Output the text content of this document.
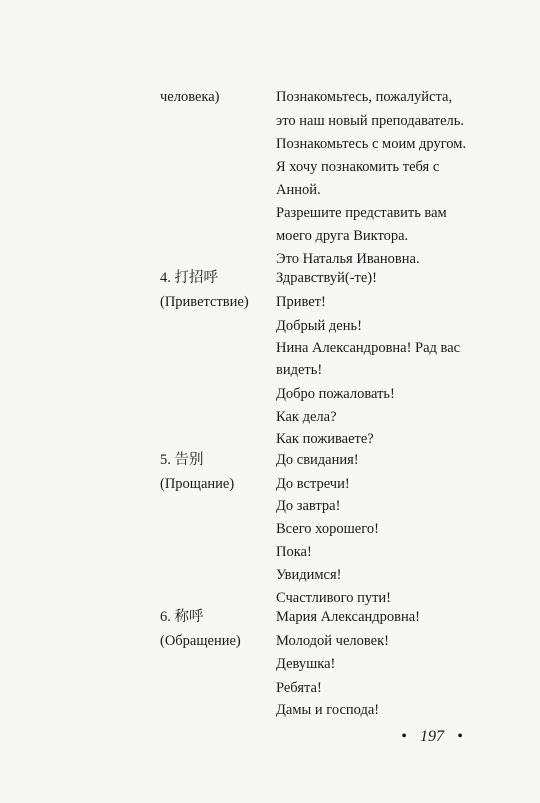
человека)
4. 打招呼
(Приветствие)
5. 告别
(Прощание)
6. 称呼
(Обращение)
Познакомьтесь, пожалуйста,
это наш новый преподаватель.
Познакомьтесь с моим другом.
Я хочу познакомить тебя с
Анной.
Разрешите представить вам
моего друга Виктора.
Это Наталья Ивановна.
Здравствуй(-те)!
Привет!
Добрый день!
Нина Александровна! Рад вас
видеть!
Добро пожаловать!
Как дела?
Как поживаете?
До свидания!
До встречи!
До завтра!
Всего хорошего!
Пока!
Увидимся!
Счастливого пути!
Мария Александровна!
Молодой человек!
Девушка!
Ребята!
Дамы и господа!
• 197 •
